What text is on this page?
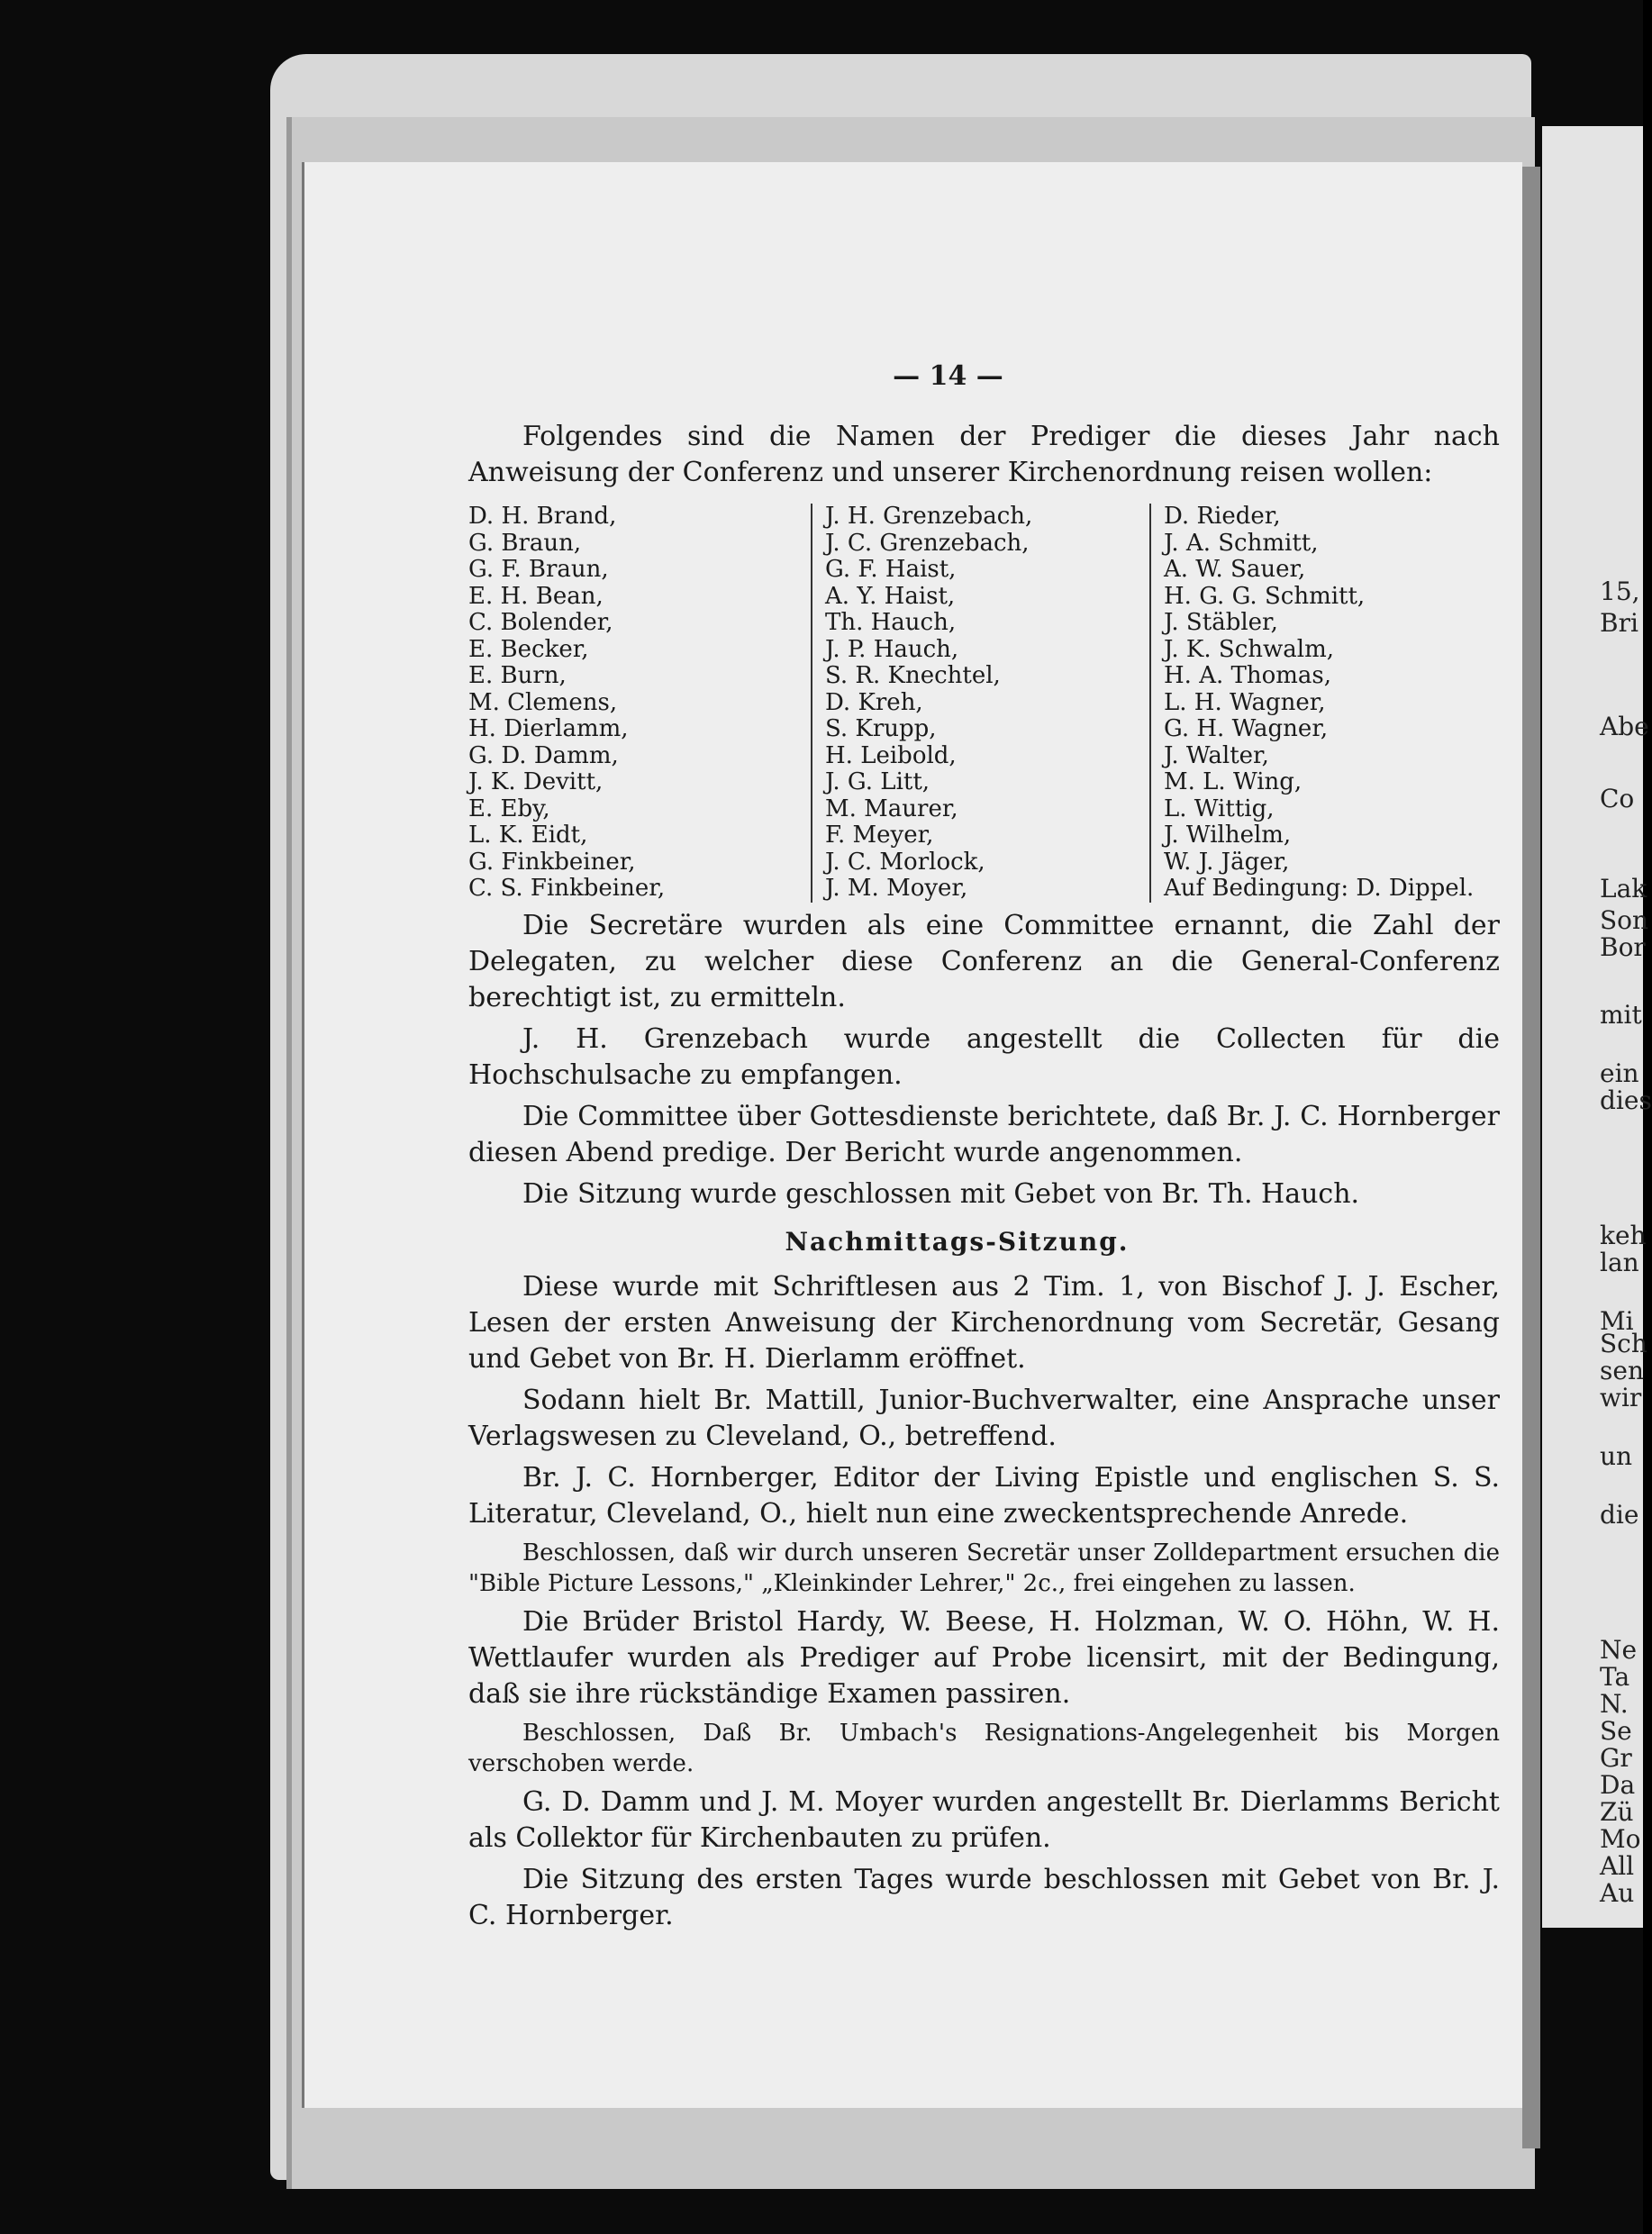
— 14 —
Folgendes sind die Namen der Prediger die dieses Jahr nach Anweisung der Conferenz und unserer Kirchenordnung reisen wollen:
D. H. Brand,
G. Braun,
G. F. Braun,
E. H. Bean,
C. Bolender,
E. Becker,
E. Burn,
M. Clemens,
H. Dierlamm,
G. D. Damm,
J. K. Devitt,
E. Eby,
L. K. Eidt,
G. Finkbeiner,
C. S. Finkbeiner,
J. H. Grenzebach,
J. C. Grenzebach,
G. F. Haist,
A. Y. Haist,
Th. Hauch,
J. P. Hauch,
S. R. Knechtel,
D. Kreh,
S. Krupp,
H. Leibold,
J. G. Litt,
M. Maurer,
F. Meyer,
J. C. Morlock,
J. M. Moyer,
D. Rieder,
J. A. Schmitt,
A. W. Sauer,
H. G. G. Schmitt,
J. Stäbler,
J. K. Schwalm,
H. A. Thomas,
L. H. Wagner,
G. H. Wagner,
J. Walter,
M. L. Wing,
L. Wittig,
J. Wilhelm,
W. J. Jäger,
Auf Bedingung: D. Dippel.
Die Secretäre wurden als eine Committee ernannt, die Zahl der Delegaten, zu welcher diese Conferenz an die General-Conferenz berechtigt ist, zu ermitteln.
J. H. Grenzebach wurde angestellt die Collecten für die Hochschulsache zu empfangen.
Die Committee über Gottesdienste berichtete, daß Br. J. C. Hornberger diesen Abend predige. Der Bericht wurde angenommen.
Die Sitzung wurde geschlossen mit Gebet von Br. Th. Hauch.
Nachmittags-Sitzung.
Diese wurde mit Schriftlesen aus 2 Tim. 1, von Bischof J. J. Escher, Lesen der ersten Anweisung der Kirchenordnung vom Secretär, Gesang und Gebet von Br. H. Dierlamm eröffnet.
Sodann hielt Br. Mattill, Junior-Buchverwalter, eine Ansprache unser Verlagswesen zu Cleveland, O., betreffend.
Br. J. C. Hornberger, Editor der Living Epistle und englischen S. S. Literatur, Cleveland, O., hielt nun eine zweckentsprechende Anrede.
Beschlossen, daß wir durch unseren Secretär unser Zolldepartment ersuchen die "Bible Picture Lessons," „Kleinkinder Lehrer," 2c., frei eingehen zu lassen.
Die Brüder Bristol Hardy, W. Beese, H. Holzman, W. O. Höhn, W. H. Wettlaufer wurden als Prediger auf Probe licensirt, mit der Bedingung, daß sie ihre rückständige Examen passiren.
Beschlossen, Daß Br. Umbach's Resignations-Angelegenheit bis Morgen verschoben werde.
G. D. Damm und J. M. Moyer wurden angestellt Br. Dierlamms Bericht als Collektor für Kirchenbauten zu prüfen.
Die Sitzung des ersten Tages wurde beschlossen mit Gebet von Br. J. C. Hornberger.
15,
Bri
Abe
Co
Lak
Son
Bor
mit
ein
dies
keh
lan
Mi
Sch
sen
wir
un
die
Ne
Ta
N.
Se
Gr
Da
Zü
Mo
All
Au
